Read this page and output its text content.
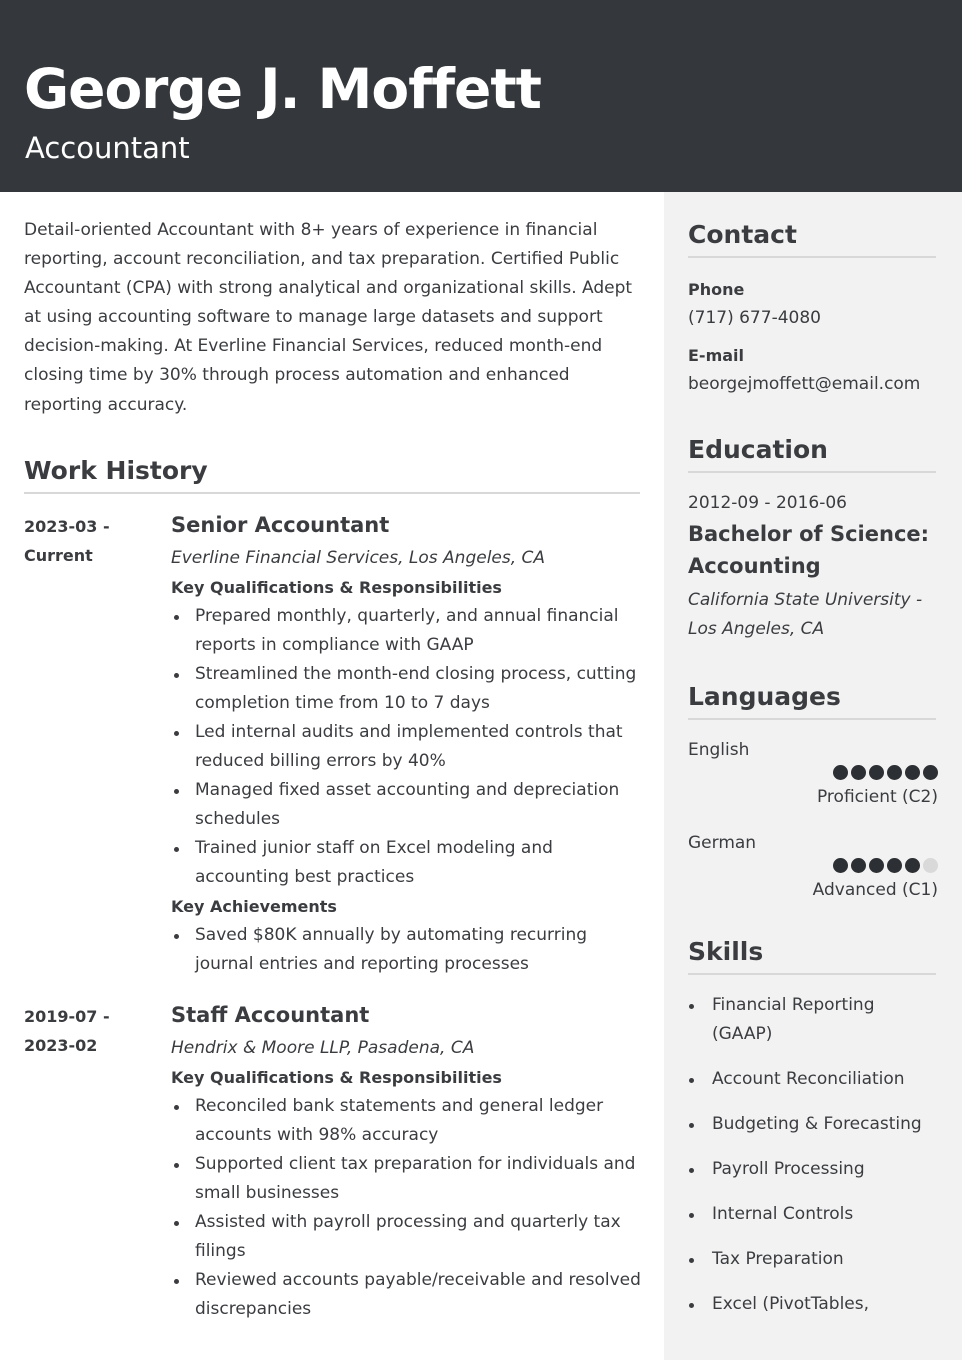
George J. Moffett
Accountant
Contact
Phone
(717) 677-4080
E-mail
beorgejmoffett@email.com
Education
2012-09 - 2016-06
Bachelor of Science: Accounting
California State University - Los Angeles, CA
Languages
English
Proficient (C2)
German
Advanced (C1)
Skills
Financial Reporting (GAAP)
Account Reconciliation
Budgeting & Forecasting
Payroll Processing
Internal Controls
Tax Preparation
Excel (PivotTables,

Detail-oriented Accountant with 8+ years of experience in financial reporting, account reconciliation, and tax preparation. Certified Public Accountant (CPA) with strong analytical and organizational skills. Adept at using accounting software to manage large datasets and support decision-making. At Everline Financial Services, reduced month-end closing time by 30% through process automation and enhanced reporting accuracy.

Work History
2023-03 -
Current
Senior Accountant
Everline Financial Services, Los Angeles, CA
Key Qualifications & Responsibilities
Prepared monthly, quarterly, and annual financial reports in compliance with GAAP
Streamlined the month-end closing process, cutting completion time from 10 to 7 days
Led internal audits and implemented controls that reduced billing errors by 40%
Managed fixed asset accounting and depreciation schedules
Trained junior staff on Excel modeling and accounting best practices
Key Achievements
Saved $80K annually by automating recurring journal entries and reporting processes
2019-07 -
2023-02
Staff Accountant
Hendrix & Moore LLP, Pasadena, CA
Key Qualifications & Responsibilities
Reconciled bank statements and general ledger accounts with 98% accuracy
Supported client tax preparation for individuals and small businesses
Assisted with payroll processing and quarterly tax filings
Reviewed accounts payable/receivable and resolved discrepancies
